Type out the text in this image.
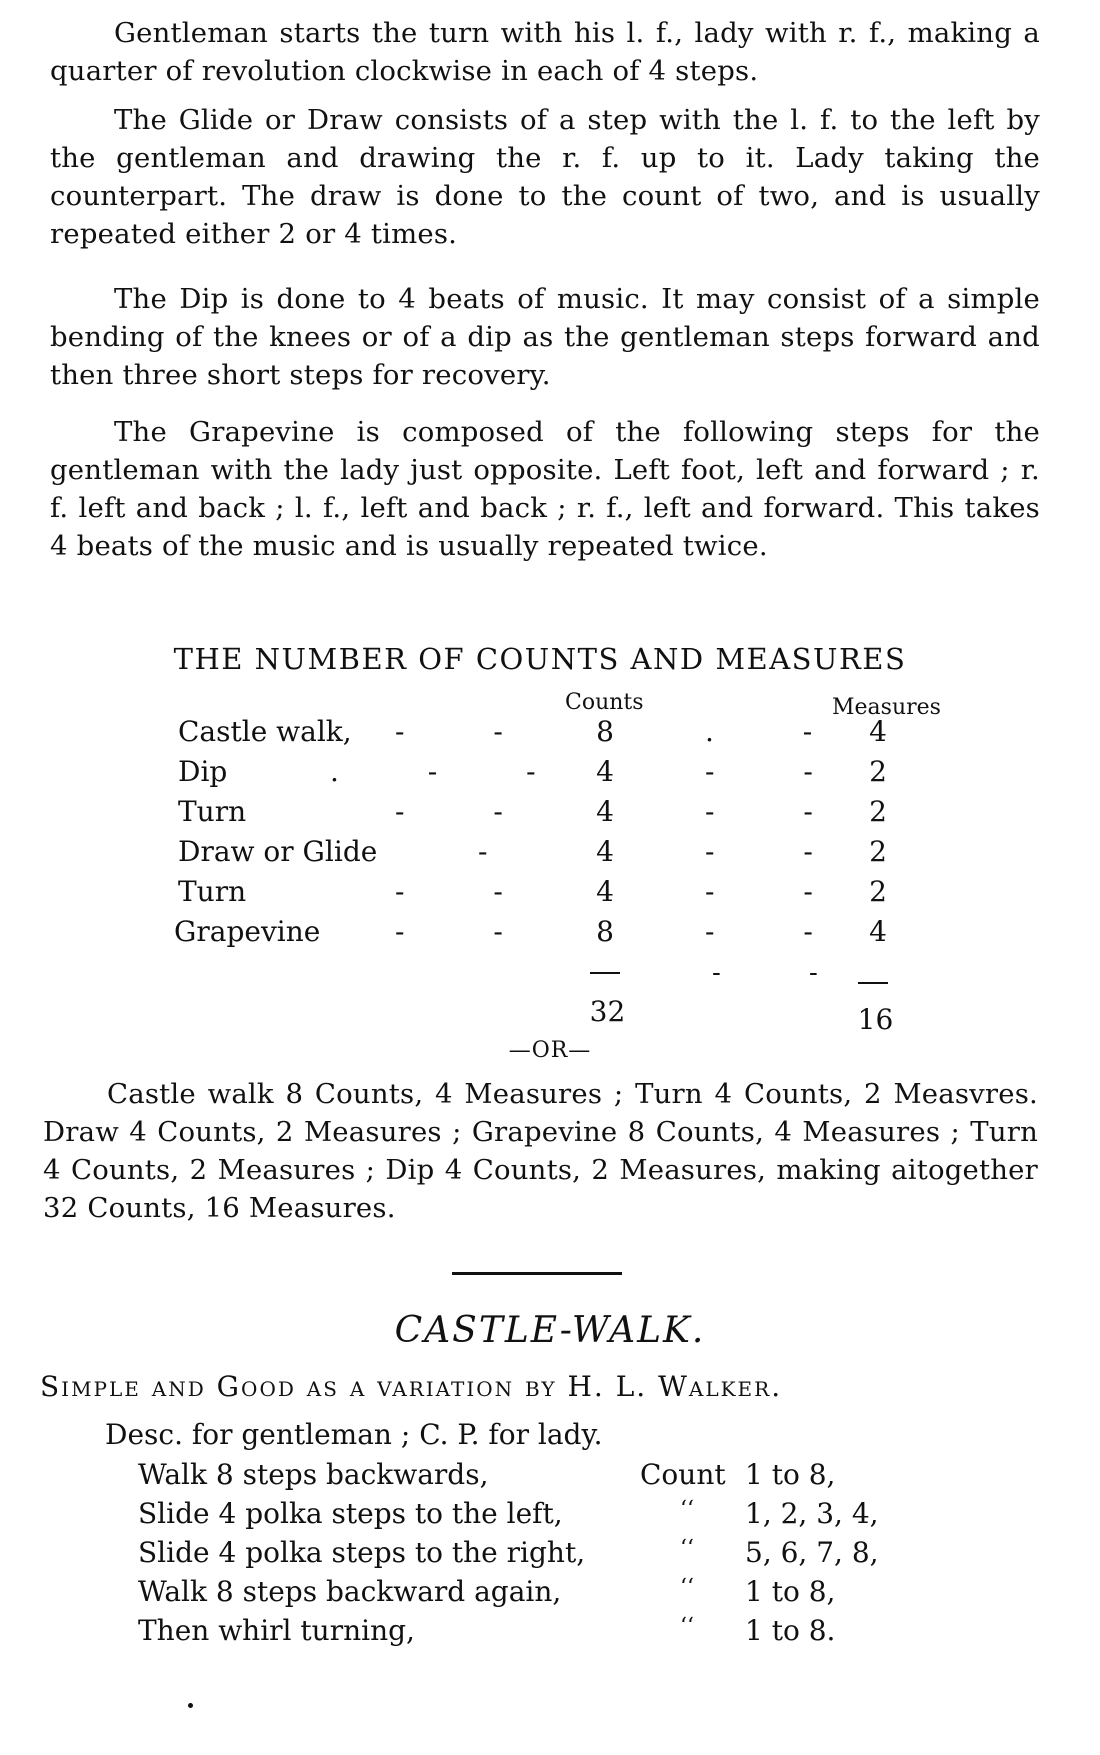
Gentleman starts the turn with his l. f., lady with r. f., making a quarter of revolution clockwise in each of 4 steps.

The Glide or Draw consists of a step with the l. f. to the left by the gentleman and drawing the r. f. up to it. Lady taking the counterpart. The draw is done to the count of two, and is usually repeated either 2 or 4 times.

The Dip is done to 4 beats of music. It may consist of a simple bending of the knees or of a dip as the gentleman steps forward and then three short steps for recovery.

The Grapevine is composed of the following steps for the gentleman with the lady just opposite. Left foot, left and forward ; r. f. left and back ; l. f., left and back ; r. f., left and forward. This takes 4 beats of the music and is usually repeated twice.

THE NUMBER OF COUNTS AND MEASURES
Counts	Measures
Castle walk, - -	8	. - 4
Dip	. - - 4	- - 2
Turn	- -	4	- - 2
Draw or Glide	-	4	- - 2
Turn	- -	4	- - 2
Grapevine	- -	8	- - 4
- -
32	16
—OR—

Castle walk 8 Counts, 4 Measures ; Turn 4 Counts, 2 Measvres. Draw 4 Counts, 2 Measures ; Grapevine 8 Counts, 4 Measures ; Turn 4 Counts, 2 Measures ; Dip 4 Counts, 2 Measures, making aitogether 32 Counts, 16 Measures.

CASTLE-WALK.
Simple and Good as a variation by H. L. Walker.
Desc. for gentleman ; C. P. for lady.
Walk 8 steps backwards,	Count 1 to 8,
Slide 4 polka steps to the left,	‘‘ 1, 2, 3, 4,
Slide 4 polka steps to the right,	‘‘ 5, 6, 7, 8,
Walk 8 steps backward again,	‘‘ 1 to 8,
Then whirl turning,	‘‘ 1 to 8.
